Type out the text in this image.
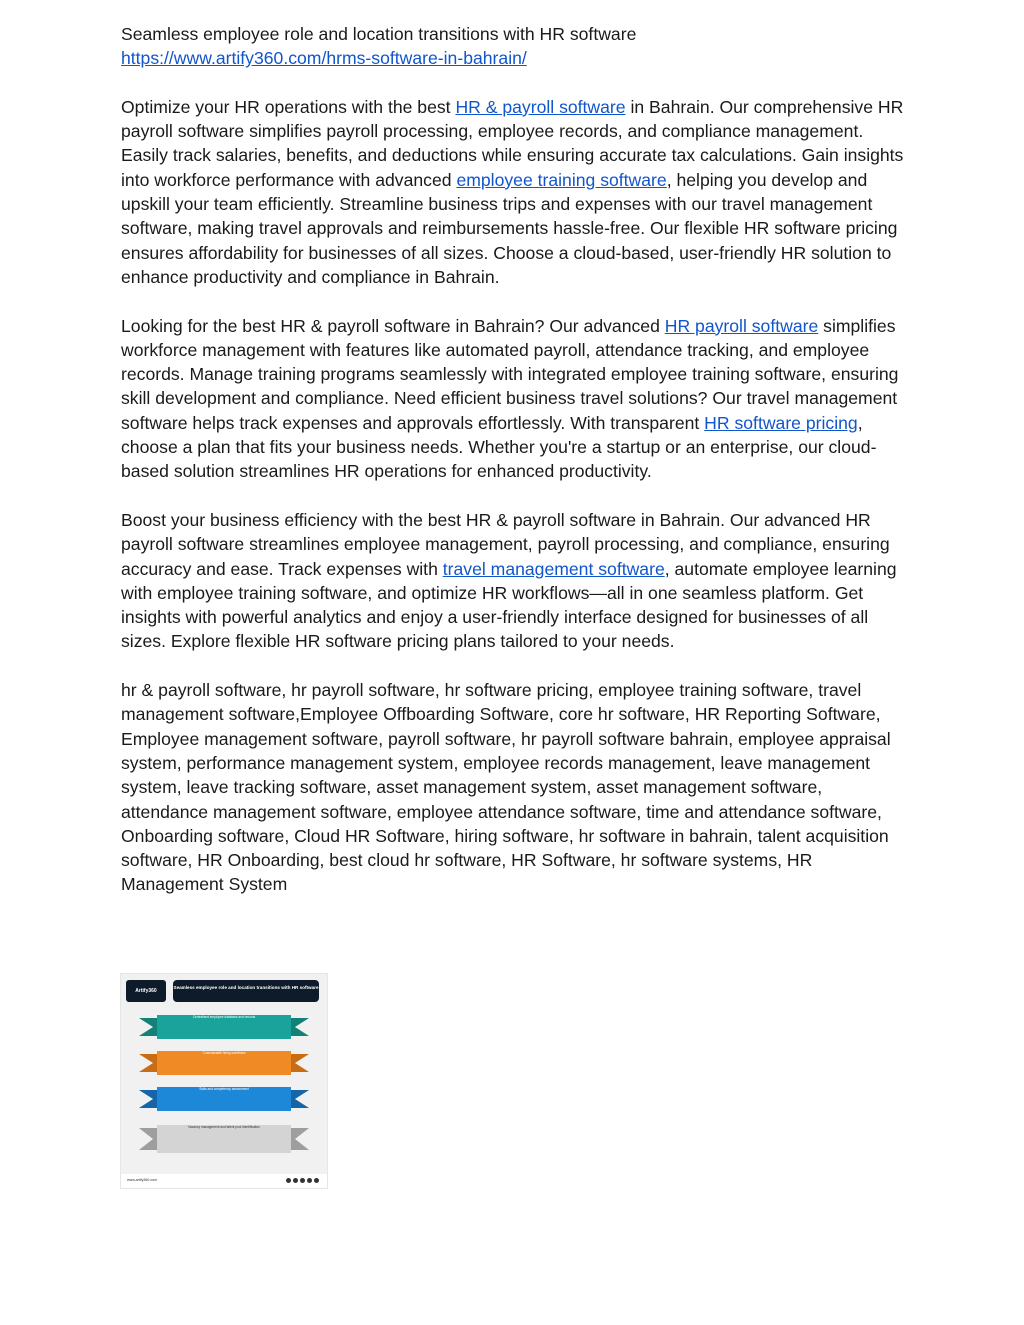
Seamless employee role and location transitions with HR software

https://www.artify360.com/hrms-software-in-bahrain/

Optimize your HR operations with the best HR & payroll software in Bahrain. Our comprehensive HR payroll software simplifies payroll processing, employee records, and compliance management. Easily track salaries, benefits, and deductions while ensuring accurate tax calculations. Gain insights into workforce performance with advanced employee training software, helping you develop and upskill your team efficiently. Streamline business trips and expenses with our travel management software, making travel approvals and reimbursements hassle-free. Our flexible HR software pricing ensures affordability for businesses of all sizes. Choose a cloud-based, user-friendly HR solution to enhance productivity and compliance in Bahrain.

Looking for the best HR & payroll software in Bahrain? Our advanced HR payroll software simplifies workforce management with features like automated payroll, attendance tracking, and employee records. Manage training programs seamlessly with integrated employee training software, ensuring skill development and compliance. Need efficient business travel solutions? Our travel management software helps track expenses and approvals effortlessly. With transparent HR software pricing, choose a plan that fits your business needs. Whether you're a startup or an enterprise, our cloud-based solution streamlines HR operations for enhanced productivity.

Boost your business efficiency with the best HR & payroll software in Bahrain. Our advanced HR payroll software streamlines employee management, payroll processing, and compliance, ensuring accuracy and ease. Track expenses with travel management software, automate employee learning with employee training software, and optimize HR workflows—all in one seamless platform. Get insights with powerful analytics and enjoy a user-friendly interface designed for businesses of all sizes. Explore flexible HR software pricing plans tailored to your needs.

hr & payroll software, hr payroll software, hr software pricing, employee training software, travel management software,Employee Offboarding Software, core hr software, HR Reporting Software, Employee management software, payroll software, hr payroll software bahrain, employee appraisal system, performance management system, employee records management, leave management system, leave tracking software, asset management system, asset management software, attendance management software, employee attendance software, time and attendance software, Onboarding software, Cloud HR Software, hiring software, hr software in bahrain, talent acquisition software, HR Onboarding, best cloud hr software, HR Software, hr software systems, HR Management System

Artify360
Seamless employee role and location transitions with HR software
Centralized employee database and records
Customizable hiring workflows
Skills and competency assessment
Vacancy management and talent pool identification
www.artify360.com
